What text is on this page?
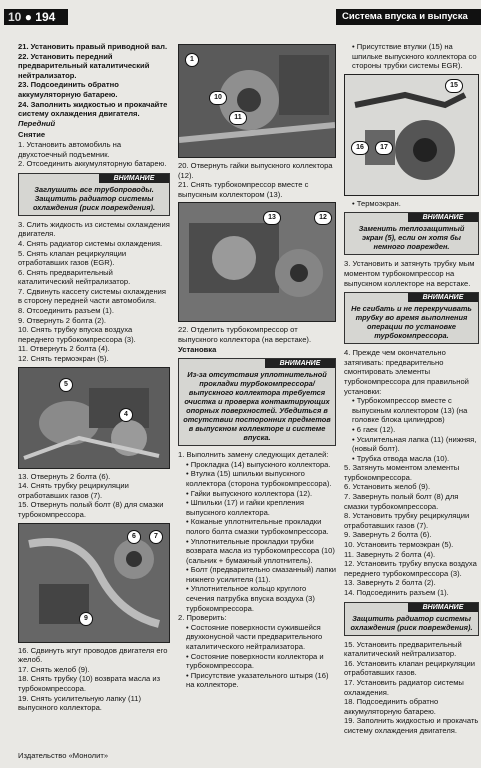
10 ● 194	Система впуска и выпуска

21. Установить правый приводной вал.

22. Установить передний предварительный каталитический нейтрализатор.

23. Подсоединить обратно аккумуляторную батарею.

24. Заполнить жидкостью и прокачайте систему охлаждения двигателя.

Передний

Снятие

1. Установить автомобиль на двухстоечный подъемник.

2. Отсоединить аккумуляторную батарею.

ВНИМАНИЕ
Заглушить все трубопроводы. Защитить радиатор системы охлаждения (риск повреждения).

3. Слить жидкость из системы охлаждения двигателя.

4. Снять радиатор системы охлаждения.

5. Снять клапан рециркуляции отработавших газов (EGR).

6. Снять предварительный каталитический нейтрализатор.

7. Сдвинуть кассету системы охлаждения в сторону передней части автомобиля.

8. Отсоединить разъем (1).

9. Отвернуть 2 болта (2).

10. Снять трубку впуска воздуха переднего турбокомпрессора (3).

11. Отвернуть 2 болта (4).

12. Снять термоэкран (5).

5
4

13. Отвернуть 2 болта (6).

14. Снять трубку рециркуляции отработавших газов (7).

15. Отвернуть полый болт (8) для смазки турбокомпрессора.

6	7
9

16. Сдвинуть жгут проводов двигателя его желоб.

17. Снять желоб (9).

18. Снять трубку (10) возврата масла из турбокомпрессора.

19. Снять усилительную лапку (11) выпускного коллектора.

1
10
11

20. Отвернуть гайки выпускного коллектора (12).

21. Снять турбокомпрессор вместе с выпускным коллектором (13).

13	12

22. Отделить турбокомпрессор от выпускного коллектора (на верстаке).

Установка

ВНИМАНИЕ
Из-за отсутствия уплотнительной прокладки турбокомпрессора/выпускного коллектора требуется очистка и проверка контактирующих опорных поверхностей. Убедиться в отсутствии посторонних предметов в выпускном коллекторе и системе впуска.

1. Выполнить замену следующих деталей:

• Прокладка (14) выпускного коллектора.

• Втулка (15) шпильки выпускного коллектора (сторона турбокомпрессора).

• Гайки выпускного коллектора (12).

• Шпильки (17) и гайки крепления выпускного коллектора.

• Кожаные уплотнительные прокладки полого болта смазки турбокомпрессора.

• Уплотнительные прокладки трубки возврата масла из турбокомпрессора (10) (сальник + бумажный уплотнитель).

• Болт (предварительно смазанный) лапки нижнего усилителя (11).

• Уплотнительное кольцо круглого сечения патрубка впуска воздуха (3) турбокомпрессора.

2. Проверить:

• Состояние поверхности сужившейся двухконусной части предварительного каталитического нейтрализатора.

• Состояние поверхности коллектора и турбокомпрессора.

• Присутствие указательного штыря (16) на коллекторе.

• Присутствие втулки (15) на шпильке выпускного коллектора со стороны трубки системы EGR).

15
16	17

• Термоэкран.

ВНИМАНИЕ
Заменить теплозащитный экран (5), если он хотя бы немного поврежден.

3. Установить и затянуть трубку мым моментом турбокомпрессор на выпускном коллекторе на верстаке.

ВНИМАНИЕ
Не сгибать и не перекручивать трубку во время выполнения операции по установке турбокомпрессора.

4. Прежде чем окончательно затягивать: предварительно смонтировать элементы турбокомпрессора для правильной установки:

• Турбокомпрессор вместе с выпускным коллектором (13) (на головке блока цилиндров)

• 6 гаек (12).

• Усилительная лапка (11) (нижняя, (новый болт).

• Трубка отвода масла (10).

5. Затянуть моментом элементы турбокомпрессора.

6. Установить желоб (9).

7. Завернуть полый болт (8) для смазки турбокомпрессора.

8. Установить трубку рециркуляции отработавших газов (7).

9. Завернуть 2 болта (6).

10. Установить термоэкран (5).

11. Завернуть 2 болта (4).

12. Установить трубку впуска воздуха переднего турбокомпрессора (3).

13. Завернуть 2 болта (2).

14. Подсоединить разъем (1).

ВНИМАНИЕ
Защитить радиатор системы охлаждения (риск повреждения).

15. Установить предварительный каталитический нейтрализатор.

16. Установить клапан рециркуляции отработавших газов.

17. Установить радиатор системы охлаждения.

18. Подсоединить обратно аккумуляторную батарею.

19. Заполнить жидкостью и прокачать систему охлаждения двигателя.

Издательство «Монолит»
